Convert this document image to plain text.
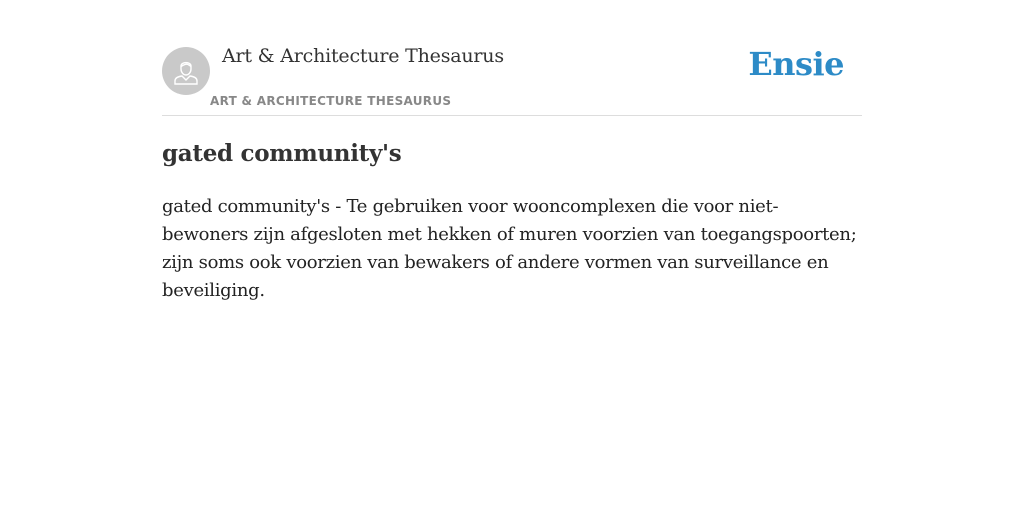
Art & Architecture Thesaurus
ART & ARCHITECTURE THESAURUS
Ensie
gated community's

gated community's - Te gebruiken voor wooncomplexen die voor niet-bewoners zijn afgesloten met hekken of muren voorzien van toegangspoorten; zijn soms ook voorzien van bewakers of andere vormen van surveillance en beveiliging.
